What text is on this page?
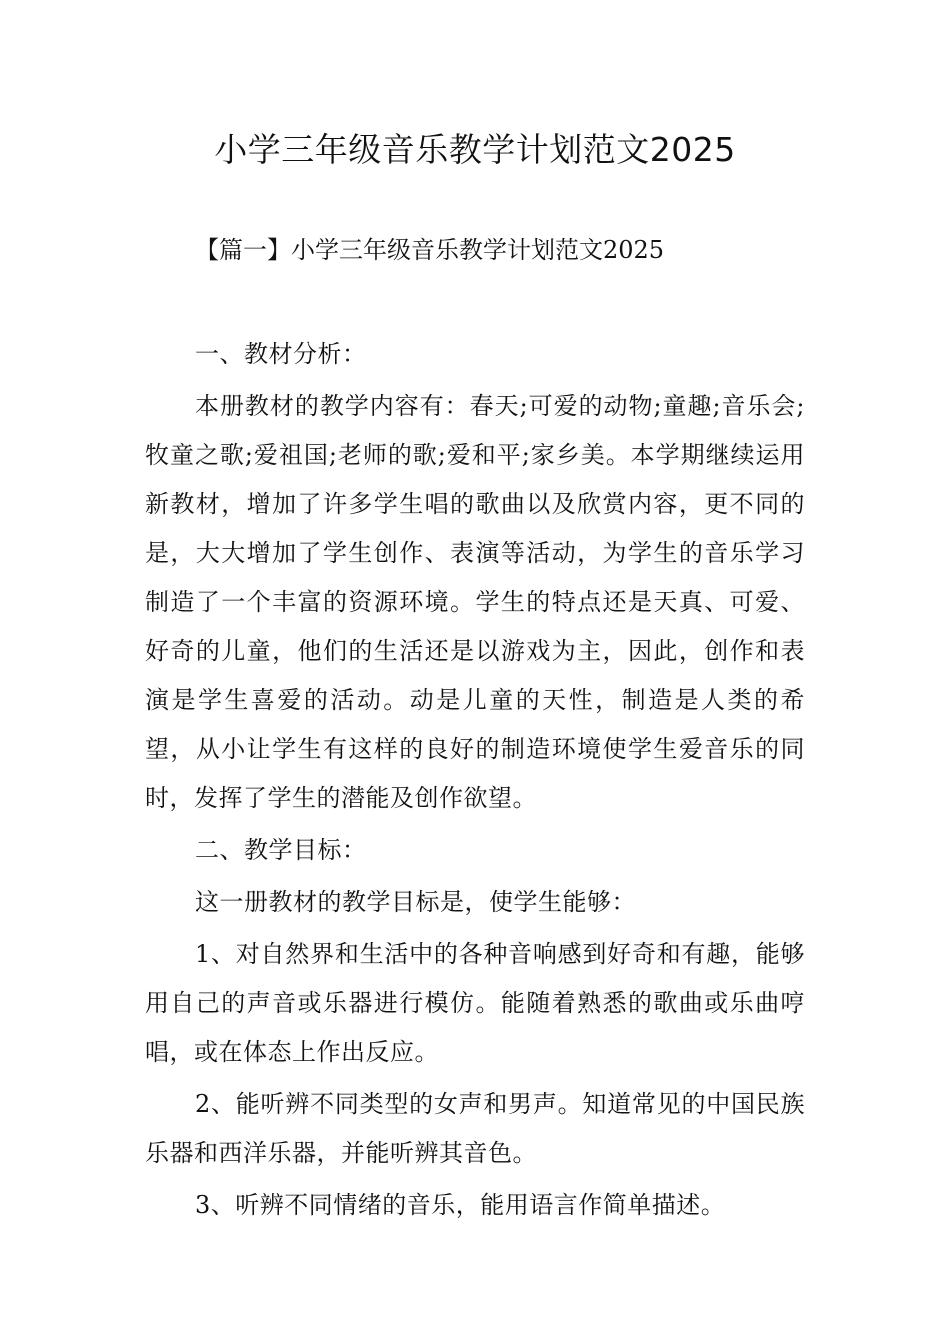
小学三年级音乐教学计划范文2025
【篇一】小学三年级音乐教学计划范文2025

一、教材分析：

本册教材的教学内容有：春天;可爱的动物;童趣;音乐会;牧童之歌;爱祖国;老师的歌;爱和平;家乡美。本学期继续运用新教材，增加了许多学生唱的歌曲以及欣赏内容，更不同的是，大大增加了学生创作、表演等活动，为学生的音乐学习制造了一个丰富的资源环境。学生的特点还是天真、可爱、好奇的儿童，他们的生活还是以游戏为主，因此，创作和表演是学生喜爱的活动。动是儿童的天性，制造是人类的希望，从小让学生有这样的良好的制造环境使学生爱音乐的同时，发挥了学生的潜能及创作欲望。

二、教学目标：

这一册教材的教学目标是，使学生能够：

1、对自然界和生活中的各种音响感到好奇和有趣，能够用自己的声音或乐器进行模仿。能随着熟悉的歌曲或乐曲哼唱，或在体态上作出反应。

2、能听辨不同类型的女声和男声。知道常见的中国民族乐器和西洋乐器，并能听辨其音色。

3、听辨不同情绪的音乐，能用语言作简单描述。
